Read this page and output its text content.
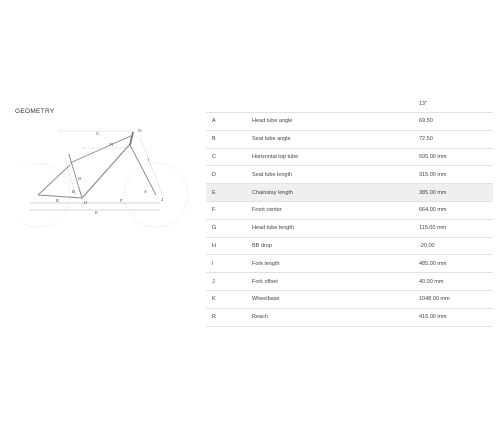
GEOMETRY
C
G
R
I
D
B	A
J
H
E	F
K
		13"
A	Head tube angle	69.50
B	Seat tube angle	72.50
C	Horizontal top tube	595.00 mm
D	Seat tube length	315.00 mm
E	Chainstay length	385.00 mm
F	Front center	664.00 mm
G	Head tube length	115.00 mm
H	BB drop	-20.00
I	Fork length	485.00 mm
J	Fork offset	40.00 mm
K	Wheelbase	1048.00 mm
R	Reach	416.00 mm
